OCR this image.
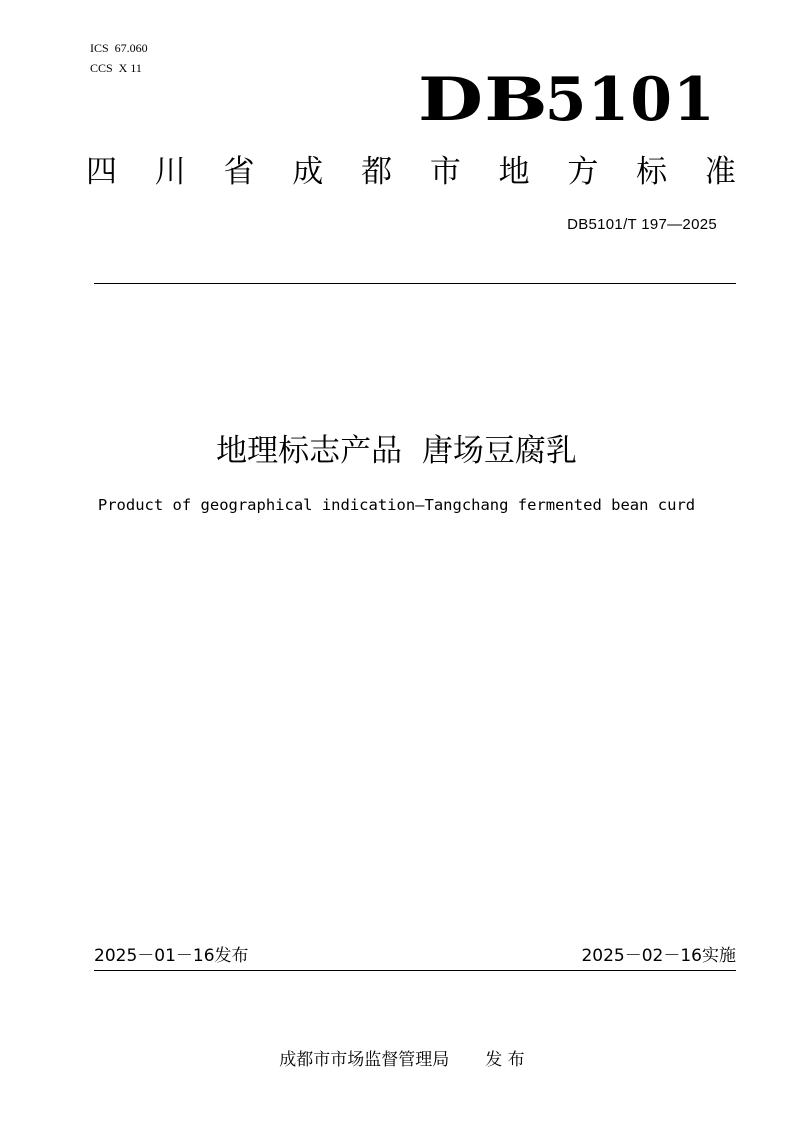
ICS  67.060
CCS  X 11	DB5101
四 川 省 成 都 市 地 方 标 准
DB5101/T 197—2025
地理标志产品  唐场豆腐乳
Product of geographical indication—Tangchang fermented bean curd
2025－01－16发布	2025－02－16实施

成都市市场监督管理局 发 布
